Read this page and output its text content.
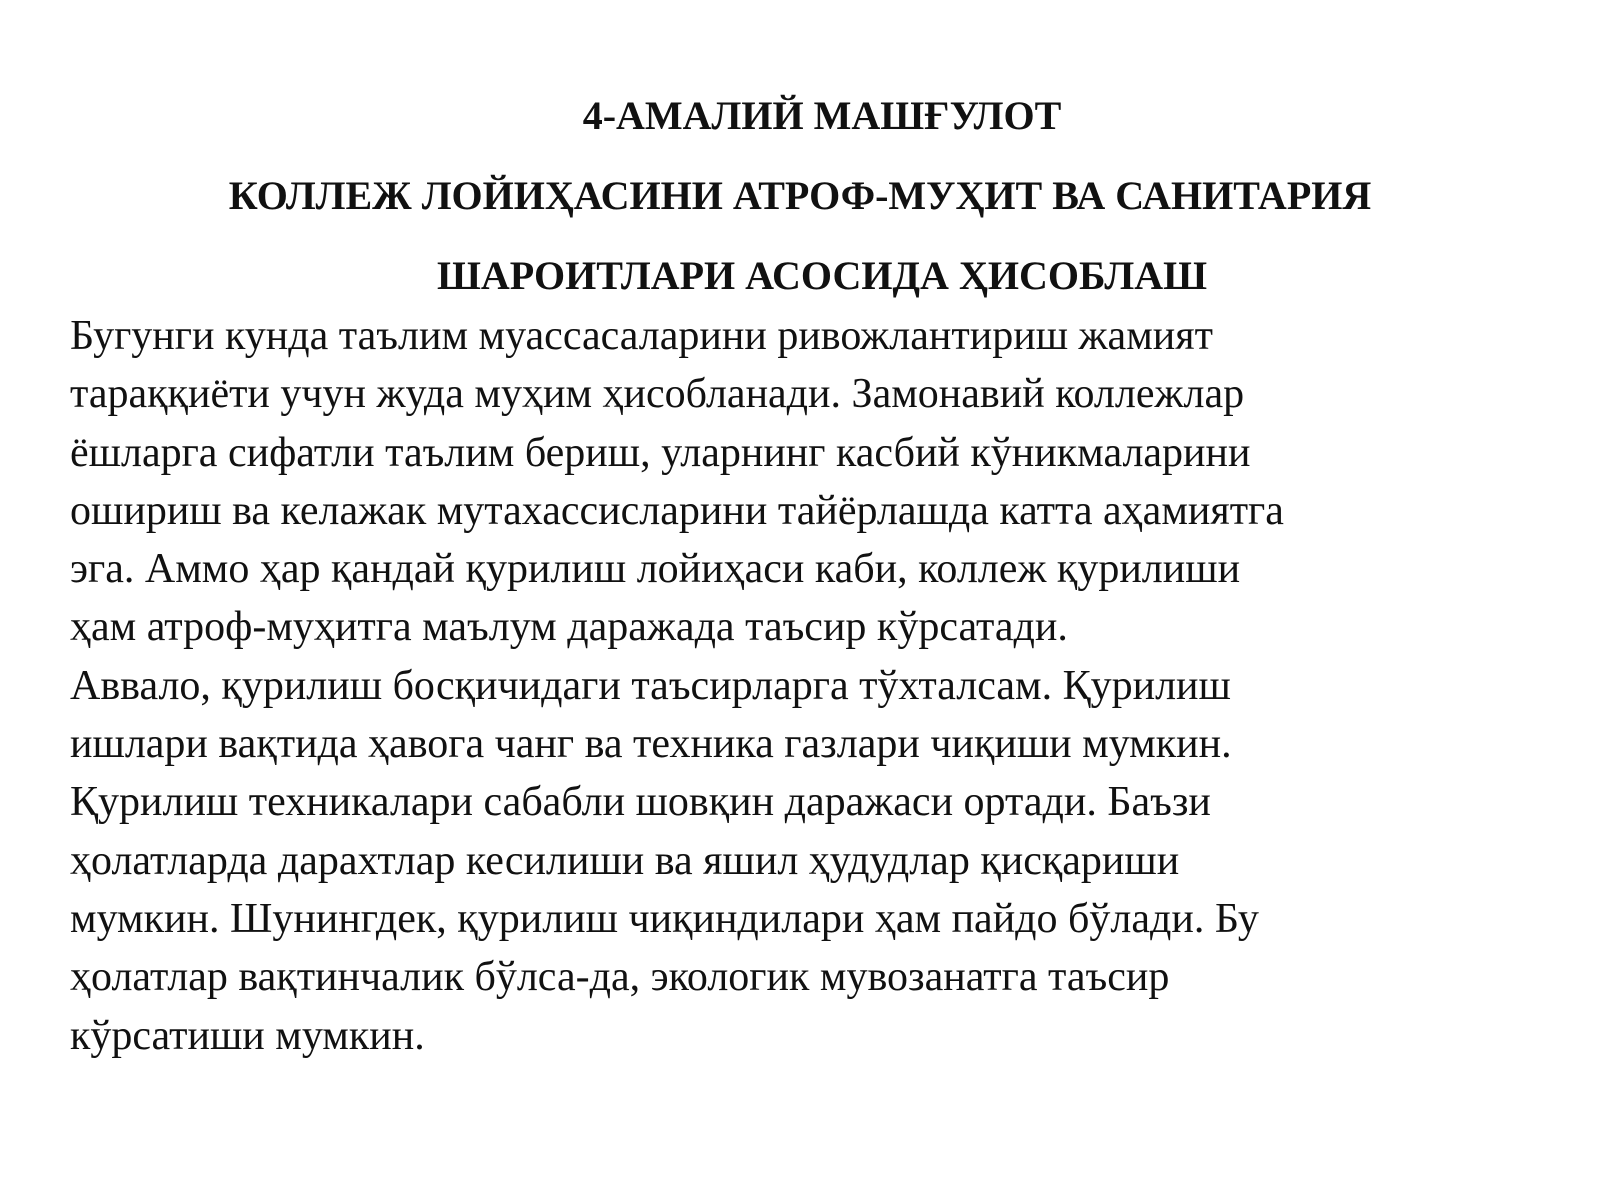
4-АМАЛИЙ МАШҒУЛОТ
КОЛЛЕЖ ЛОЙИҲАСИНИ АТРОФ-МУҲИТ ВА САНИТАРИЯ
ШАРОИТЛАРИ АСОСИДА ҲИСОБЛАШ
Бугунги кунда таълим муассасаларини ривожлантириш жамият
тараққиёти учун жуда муҳим ҳисобланади. Замонавий коллежлар
ёшларга сифатли таълим бериш, уларнинг касбий кўникмаларини
ошириш ва келажак мутахассисларини тайёрлашда катта аҳамиятга
эга. Аммо ҳар қандай қурилиш лойиҳаси каби, коллеж қурилиши
ҳам атроф-муҳитга маълум даражада таъсир кўрсатади.
Аввало, қурилиш босқичидаги таъсирларга тўхталсам. Қурилиш
ишлари вақтида ҳавога чанг ва техника газлари чиқиши мумкин.
Қурилиш техникалари сабабли шовқин даражаси ортади. Баъзи
ҳолатларда дарахтлар кесилиши ва яшил ҳудудлар қисқариши
мумкин. Шунингдек, қурилиш чиқиндилари ҳам пайдо бўлади. Бу
ҳолатлар вақтинчалик бўлса-да, экологик мувозанатга таъсир
кўрсатиши мумкин.
